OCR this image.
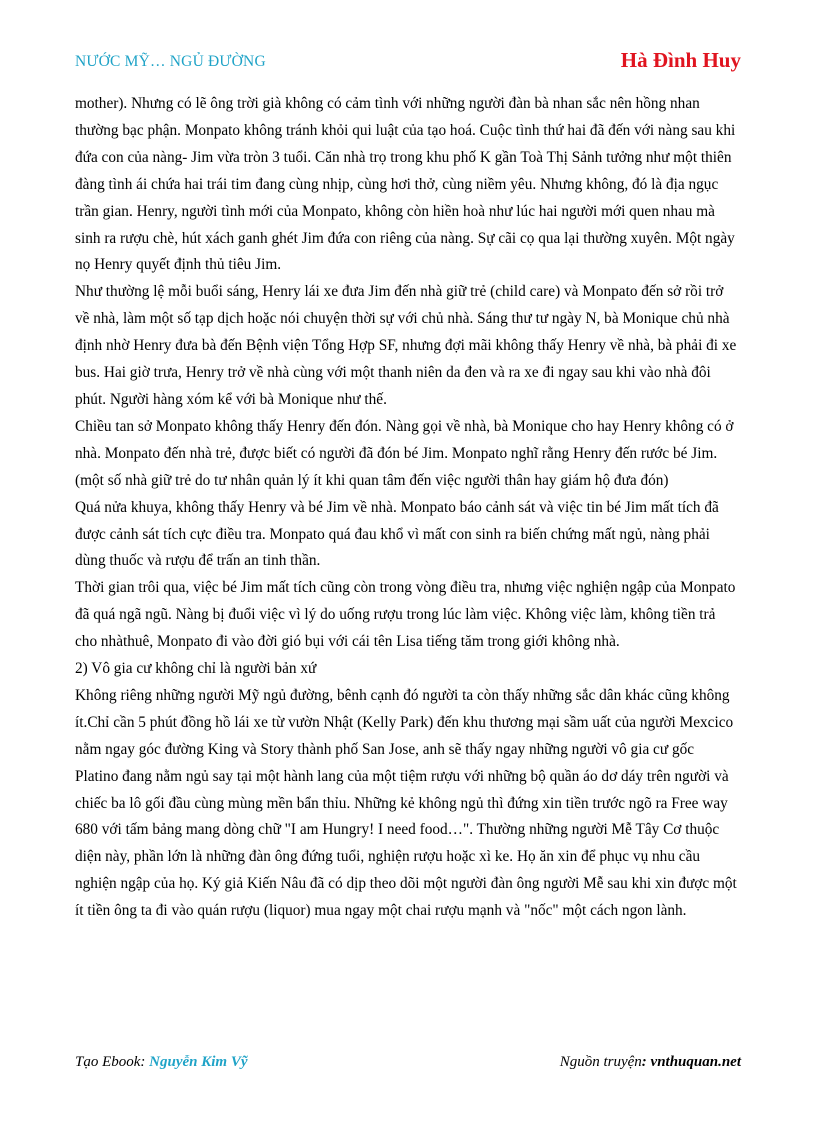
NƯỚC MỸ… NGỦ ĐƯỜNG	Hà Đình Huy

mother). Nhưng có lẽ ông trời già không có cảm tình với những người đàn bà nhan sắc nên hồng nhan thường bạc phận. Monpato không tránh khỏi qui luật của tạo hoá. Cuộc tình thứ hai đã đến với nàng sau khi đứa con của nàng- Jim vừa tròn 3 tuổi. Căn nhà trọ trong khu phố K gần Toà Thị Sảnh tưởng như một thiên đàng tình ái chứa hai trái tim đang cùng nhịp, cùng hơi thở, cùng niềm yêu. Nhưng không, đó là địa ngục trần gian. Henry, người tình mới của Monpato, không còn hiền hoà như lúc hai người mới quen nhau mà sinh ra rượu chè, hút xách ganh ghét Jim đứa con riêng của nàng. Sự cãi cọ qua lại thường xuyên. Một ngày nọ Henry quyết định thủ tiêu Jim.

Như thường lệ mỗi buổi sáng, Henry lái xe đưa Jim đến nhà giữ trẻ (child care) và Monpato đến sở rồi trở về nhà, làm một số tạp dịch hoặc nói chuyện thời sự với chủ nhà. Sáng thư tư ngày N, bà Monique chủ nhà định nhờ Henry đưa bà đến Bệnh viện Tổng Hợp SF, nhưng đợi mãi không thấy Henry về nhà, bà phải đi xe bus. Hai giờ trưa, Henry trở về nhà cùng với một thanh niên da đen và ra xe đi ngay sau khi vào nhà đôi phút. Người hàng xóm kể với bà Monique như thế.

Chiều tan sở Monpato không thấy Henry đến đón. Nàng gọi về nhà, bà Monique cho hay Henry không có ở nhà. Monpato đến nhà trẻ, được biết có người đã đón bé Jim. Monpato nghĩ rằng Henry đến rước bé Jim.(một số nhà giữ trẻ do tư nhân quản lý ít khi quan tâm đến việc người thân hay giám hộ đưa đón)

Quá nửa khuya, không thấy Henry và bé Jim về nhà. Monpato báo cảnh sát và việc tin bé Jim mất tích đã được cảnh sát tích cực điều tra. Monpato quá đau khổ vì mất con sinh ra biến chứng mất ngủ, nàng phải dùng thuốc và rượu để trấn an tinh thần.

Thời gian trôi qua, việc bé Jim mất tích cũng còn trong vòng điều tra, nhưng việc nghiện ngập của Monpato đã quá ngã ngũ. Nàng bị đuổi việc vì lý do uống rượu trong lúc làm việc. Không việc làm, không tiền trả cho nhàthuê, Monpato đi vào đời gió bụi với cái tên Lisa tiếng tăm trong giới không nhà.

2) Vô gia cư không chỉ là người bản xứ

Không riêng những người Mỹ ngủ đường, bênh cạnh đó người ta còn thấy những sắc dân khác cũng không ít.Chỉ cần 5 phút đồng hồ lái xe từ vườn Nhật (Kelly Park) đến khu thương mại sầm uất của người Mexcico nằm ngay góc đường King và Story thành phố San Jose, anh sẽ thấy ngay những người vô gia cư gốc Platino đang nằm ngủ say tại một hành lang của một tiệm rượu với những bộ quần áo dơ dáy trên người và chiếc ba lô gối đầu cùng mùng mền bẩn thỉu. Những kẻ không ngủ thì đứng xin tiền trước ngõ ra Free way 680 với tấm bảng mang dòng chữ "I am Hungry! I need food…". Thường những người Mễ Tây Cơ thuộc diện này, phần lớn là những đàn ông đứng tuổi, nghiện rượu hoặc xì ke. Họ ăn xin để phục vụ nhu cầu nghiện ngập của họ. Ký giả Kiến Nâu đã có dịp theo dõi một người đàn ông người Mễ sau khi xin được một ít tiền ông ta đi vào quán rượu (liquor) mua ngay một chai rượu mạnh và "nốc" một cách ngon lành.

Tạo Ebook: Nguyễn Kim Vỹ	Nguồn truyện: vnthuquan.net
